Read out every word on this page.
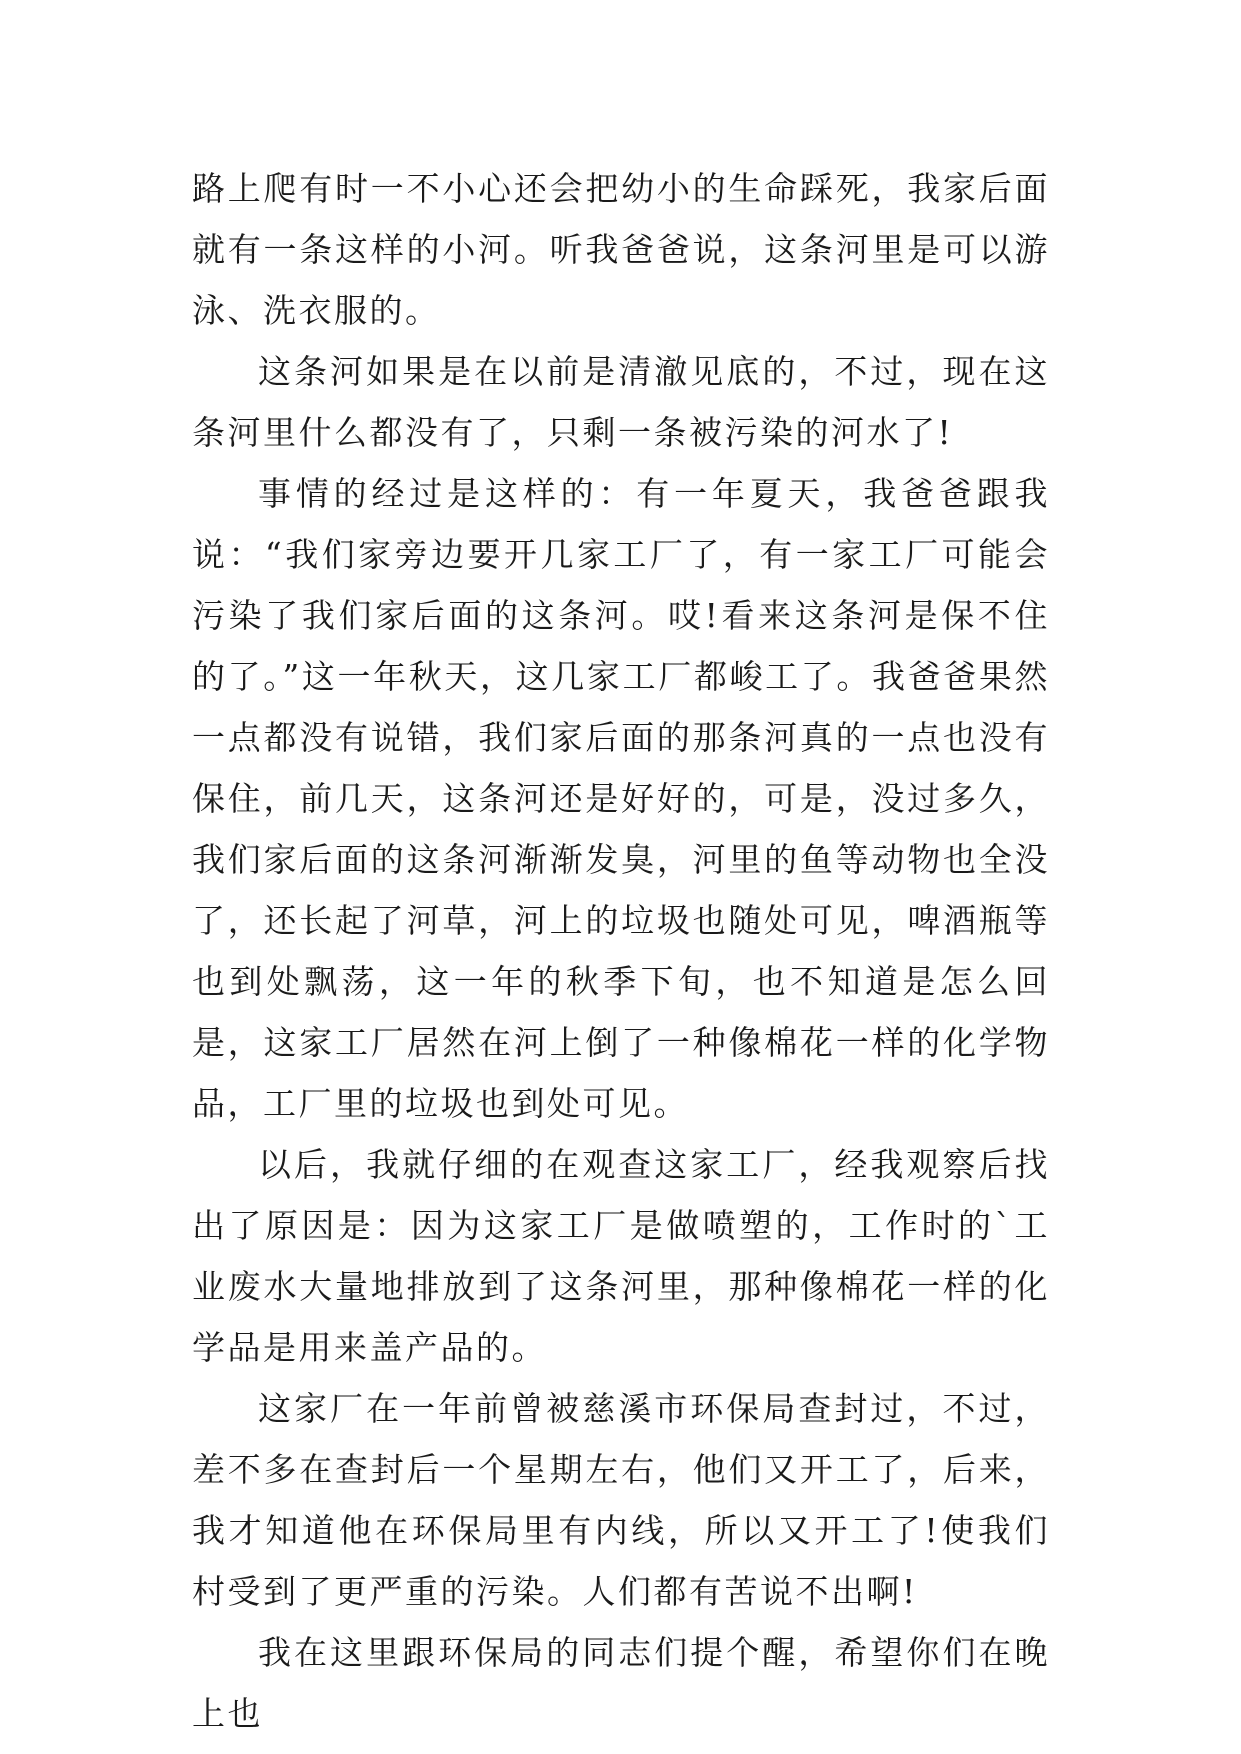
路上爬有时一不小心还会把幼小的生命踩死，我家后面就有一条这样的小河。听我爸爸说，这条河里是可以游泳、洗衣服的。

这条河如果是在以前是清澈见底的，不过，现在这条河里什么都没有了，只剩一条被污染的河水了!

事情的经过是这样的：有一年夏天，我爸爸跟我说：“我们家旁边要开几家工厂了，有一家工厂可能会污染了我们家后面的这条河。哎!看来这条河是保不住的了。”这一年秋天，这几家工厂都峻工了。我爸爸果然一点都没有说错，我们家后面的那条河真的一点也没有保住，前几天，这条河还是好好的，可是，没过多久，我们家后面的这条河渐渐发臭，河里的鱼等动物也全没了，还长起了河草，河上的垃圾也随处可见，啤酒瓶等也到处飘荡，这一年的秋季下旬，也不知道是怎么回是，这家工厂居然在河上倒了一种像棉花一样的化学物品，工厂里的垃圾也到处可见。

以后，我就仔细的在观查这家工厂，经我观察后找出了原因是：因为这家工厂是做喷塑的，工作时的`工业废水大量地排放到了这条河里，那种像棉花一样的化学品是用来盖产品的。

这家厂在一年前曾被慈溪市环保局查封过，不过，差不多在查封后一个星期左右，他们又开工了，后来，我才知道他在环保局里有内线，所以又开工了!使我们村受到了更严重的污染。人们都有苦说不出啊!

我在这里跟环保局的同志们提个醒，希望你们在晚上也
